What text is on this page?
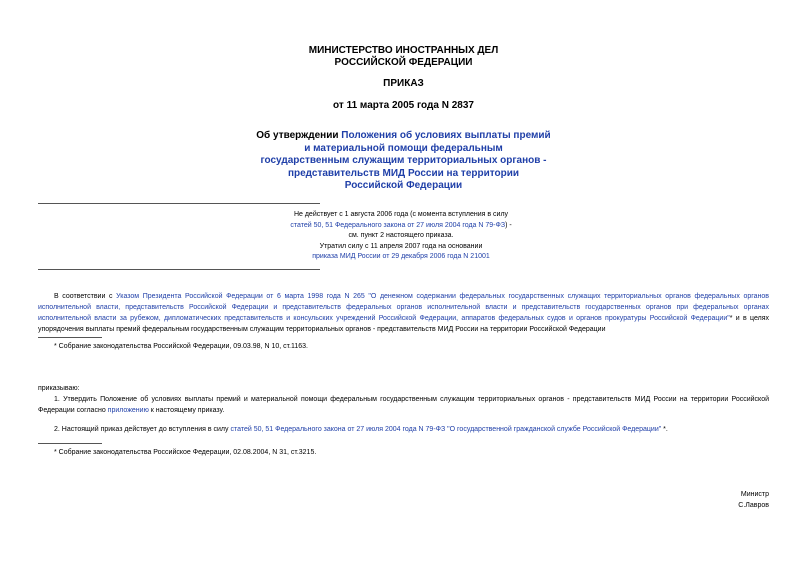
МИНИСТЕРСТВО ИНОСТРАННЫХ ДЕЛ
РОССИЙСКОЙ ФЕДЕРАЦИИ
ПРИКАЗ
от 11 марта 2005 года N 2837
Об утверждении Положения об условиях выплаты премий
и материальной помощи федеральным
государственным служащим территориальных органов -
представительств МИД России на территории
Российской Федерации
Не действует с 1 августа 2006 года (с момента вступления в силу
статей 50, 51 Федерального закона от 27 июля 2004 года N 79-ФЗ) -
см. пункт 2 настоящего приказа.
Утратил силу с 11 апреля 2007 года на основании
приказа МИД России от 29 декабря 2006 года N 21001
В соответствии с Указом Президента Российской Федерации от 6 марта 1998 года N 265 "О денежном содержании федеральных государственных служащих территориальных органов федеральных органов исполнительной власти, представительств Российской Федерации и представительств федеральных органов исполнительной власти и представительств государственных органов при федеральных органах исполнительной власти за рубежом, дипломатических представительств и консульских учреждений Российской Федерации, аппаратов федеральных судов и органов прокуратуры Российской Федерации"* и в целях упорядочения выплаты премий федеральным государственным служащим территориальных органов - представительств МИД России на территории Российской Федерации
* Собрание законодательства Российской Федерации, 09.03.98, N 10, ст.1163.
приказываю:
1. Утвердить Положение об условиях выплаты премий и материальной помощи федеральным государственным служащим территориальных органов - представительств МИД России на территории Российской Федерации согласно приложению к настоящему приказу.
2. Настоящий приказ действует до вступления в силу статей 50, 51 Федерального закона от 27 июля 2004 года N 79-ФЗ "О государственной гражданской службе Российской Федерации" *.
* Собрание законодательства Российское Федерации, 02.08.2004, N 31, ст.3215.
Министр
С.Лавров
